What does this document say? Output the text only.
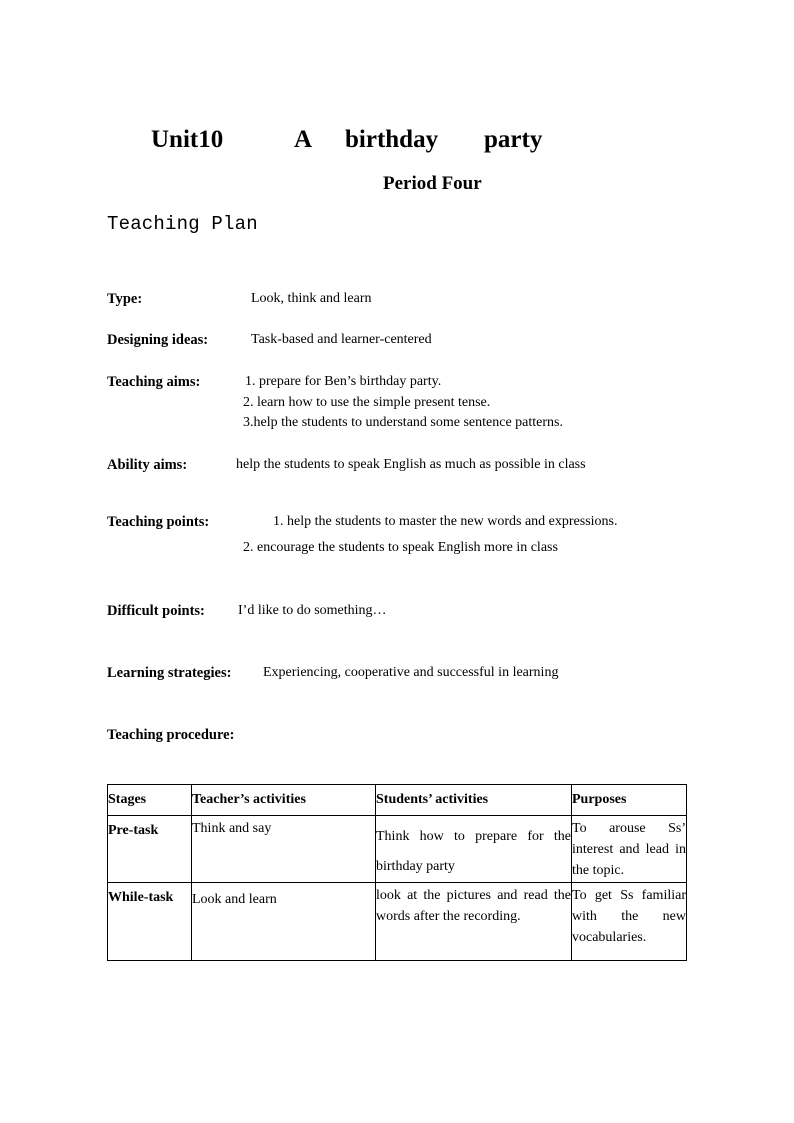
Unit10	A birthday party
Period Four
Teaching Plan
Type:	Look, think and learn
Designing ideas:	Task-based and learner-centered
Teaching aims:	1. prepare for Ben’s birthday party.
2. learn how to use the simple present tense.
3.help the students to understand some sentence patterns.
Ability aims:	help the students to speak English as much as possible in class
Teaching points:	1. help the students to master the new words and expressions.
2. encourage the students to speak English more in class
Difficult points: I’d like to do something…
Learning strategies: Experiencing, cooperative and successful in learning
Teaching procedure:
Stages	Teacher’s activities	Students’ activities	Purposes
Pre-task	Think and say	Think how to prepare for the birthday party	To arouse Ss’ interest and lead in the topic.
While-task	Look and learn	look at the pictures and read the words after the recording.	To get Ss familiar with the new vocabularies.
